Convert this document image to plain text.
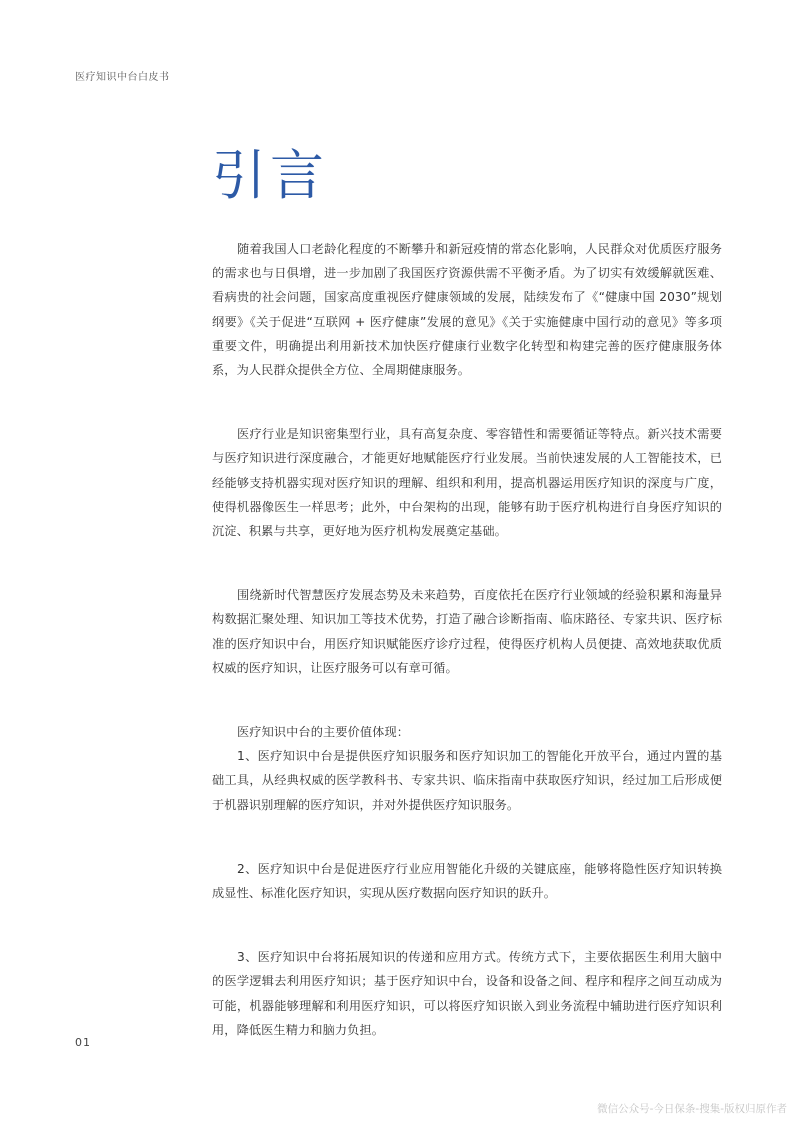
医疗知识中台白皮书
引言

随着我国人口老龄化程度的不断攀升和新冠疫情的常态化影响，人民群众对优质医疗服务的需求也与日俱增，进一步加剧了我国医疗资源供需不平衡矛盾。为了切实有效缓解就医难、看病贵的社会问题，国家高度重视医疗健康领域的发展，陆续发布了《“健康中国 2030”规划纲要》《关于促进“互联网 + 医疗健康”发展的意见》《关于实施健康中国行动的意见》等多项重要文件，明确提出利用新技术加快医疗健康行业数字化转型和构建完善的医疗健康服务体系，为人民群众提供全方位、全周期健康服务。

医疗行业是知识密集型行业，具有高复杂度、零容错性和需要循证等特点。新兴技术需要与医疗知识进行深度融合，才能更好地赋能医疗行业发展。当前快速发展的人工智能技术，已经能够支持机器实现对医疗知识的理解、组织和利用，提高机器运用医疗知识的深度与广度，使得机器像医生一样思考；此外，中台架构的出现，能够有助于医疗机构进行自身医疗知识的沉淀、积累与共享，更好地为医疗机构发展奠定基础。

围绕新时代智慧医疗发展态势及未来趋势，百度依托在医疗行业领域的经验积累和海量异构数据汇聚处理、知识加工等技术优势，打造了融合诊断指南、临床路径、专家共识、医疗标准的医疗知识中台，用医疗知识赋能医疗诊疗过程，使得医疗机构人员便捷、高效地获取优质权威的医疗知识，让医疗服务可以有章可循。

医疗知识中台的主要价值体现：

1、医疗知识中台是提供医疗知识服务和医疗知识加工的智能化开放平台，通过内置的基础工具，从经典权威的医学教科书、专家共识、临床指南中获取医疗知识，经过加工后形成便于机器识别理解的医疗知识，并对外提供医疗知识服务。

2、医疗知识中台是促进医疗行业应用智能化升级的关键底座，能够将隐性医疗知识转换成显性、标准化医疗知识，实现从医疗数据向医疗知识的跃升。

3、医疗知识中台将拓展知识的传递和应用方式。传统方式下，主要依据医生利用大脑中的医学逻辑去利用医疗知识；基于医疗知识中台，设备和设备之间、程序和程序之间互动成为可能，机器能够理解和利用医疗知识，可以将医疗知识嵌入到业务流程中辅助进行医疗知识利用，降低医生精力和脑力负担。

01
微信公众号-今日保条-搜集-版权归原作者
